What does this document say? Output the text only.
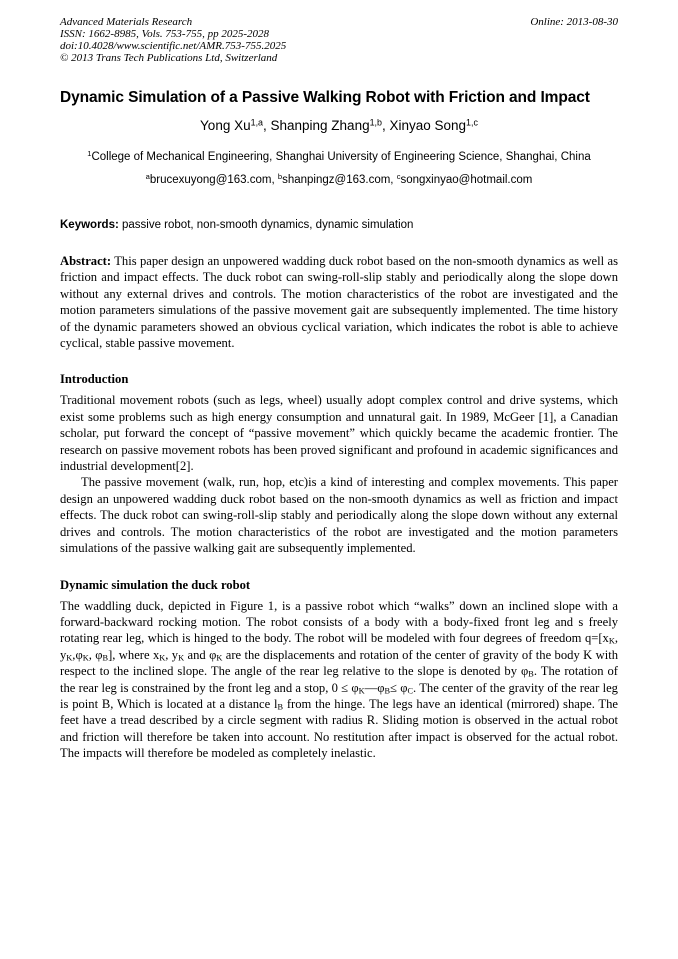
Advanced Materials Research
ISSN: 1662-8985, Vols. 753-755, pp 2025-2028
doi:10.4028/www.scientific.net/AMR.753-755.2025
© 2013 Trans Tech Publications Ltd, Switzerland
Online: 2013-08-30
Dynamic Simulation of a Passive Walking Robot with Friction and Impact
Yong Xu$^{1,a}$, Shanping Zhang$^{1,b}$, Xinyao Song$^{1,c}$
$^1$College of Mechanical Engineering, Shanghai University of Engineering Science, Shanghai, China
$^a$brucexuyong@163.com, $^b$shanpingz@163.com, $^c$songxinyao@hotmail.com
Keywords: passive robot, non-smooth dynamics, dynamic simulation

Abstract: This paper design an unpowered wadding duck robot based on the non-smooth dynamics as well as friction and impact effects. The duck robot can swing-roll-slip stably and periodically along the slope down without any external drives and controls. The motion characteristics of the robot are investigated and the motion parameters simulations of the passive movement gait are subsequently implemented. The time history of the dynamic parameters showed an obvious cyclical variation, which indicates the robot is able to achieve cyclical, stable passive movement.

Introduction

Traditional movement robots (such as legs, wheel) usually adopt complex control and drive systems, which exist some problems such as high energy consumption and unnatural gait. In 1989, McGeer [1], a Canadian scholar, put forward the concept of “passive movement” which quickly became the academic frontier. The research on passive movement robots has been proved significant and profound in academic significances and industrial development[2].

The passive movement (walk, run, hop, etc)is a kind of interesting and complex movements. This paper design an unpowered wadding duck robot based on the non-smooth dynamics as well as friction and impact effects. The duck robot can swing-roll-slip stably and periodically along the slope down without any external drives and controls. The motion characteristics of the robot are investigated and the motion parameters simulations of the passive walking gait are subsequently implemented.

Dynamic simulation the duck robot

The waddling duck, depicted in Figure 1, is a passive robot which “walks” down an inclined slope with a forward-backward rocking motion. The robot consists of a body with a body-fixed front leg and s freely rotating rear leg, which is hinged to the body. The robot will be modeled with four degrees of freedom q=[xK, yK,φK, φB], where xK, yK and φK are the displacements and rotation of the center of gravity of the body K with respect to the inclined slope. The angle of the rear leg relative to the slope is denoted by φB. The rotation of the rear leg is constrained by the front leg and a stop, 0 ≤ φK—φB≤ φC. The center of the gravity of the rear leg is point B, Which is located at a distance lB from the hinge. The legs have an identical (mirrored) shape. The feet have a tread described by a circle segment with radius R. Sliding motion is observed in the actual robot and friction will therefore be taken into account. No restitution after impact is observed for the actual robot. The impacts will therefore be modeled as completely inelastic.
